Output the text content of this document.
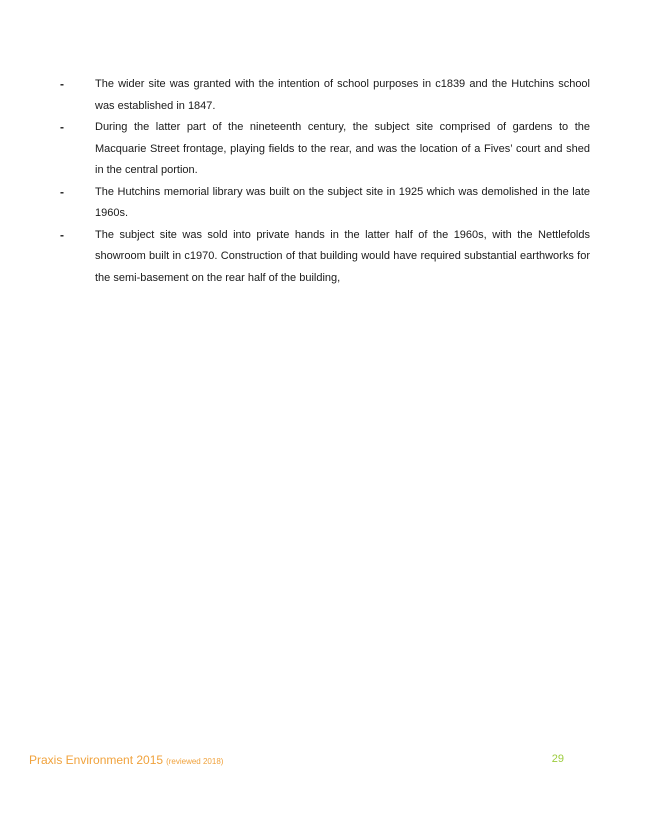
-	The wider site was granted with the intention of school purposes in c1839 and the Hutchins school was established in 1847.
-	During the latter part of the nineteenth century, the subject site comprised of gardens to the Macquarie Street frontage, playing fields to the rear, and was the location of a Fives’ court and shed in the central portion.
-	The Hutchins memorial library was built on the subject site in 1925 which was demolished in the late 1960s.
-	The subject site was sold into private hands in the latter half of the 1960s, with the Nettlefolds showroom built in c1970. Construction of that building would have required substantial earthworks for the semi-basement on the rear half of the building,
Praxis Environment 2015 (reviewed 2018)	29
